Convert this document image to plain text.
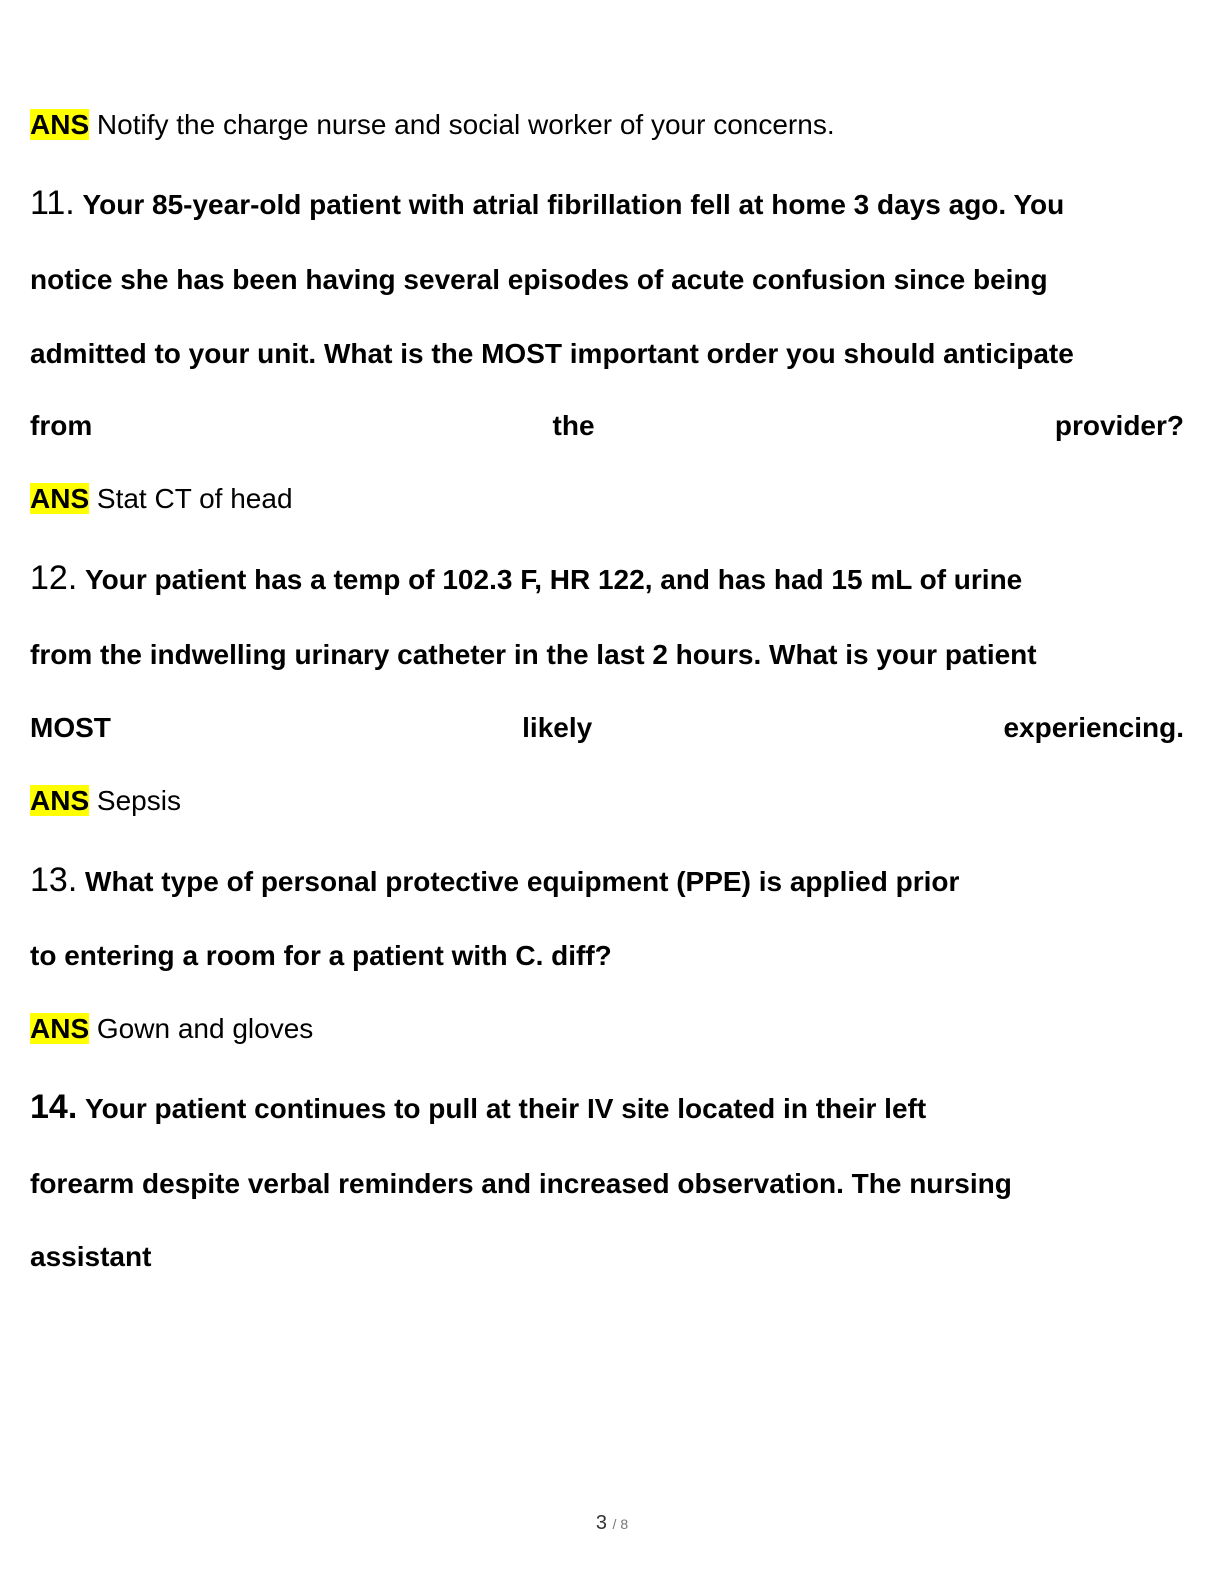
ANS Notify the charge nurse and social worker of your concerns.
11. Your 85-year-old patient with atrial fibrillation fell at home 3 days ago. You
notice she has been having several episodes of acute confusion since being
admitted to your unit. What is the MOST important order you should anticipate
from	the	provider?
ANS Stat CT of head
12. Your patient has a temp of 102.3 F, HR 122, and has had 15 mL of urine
from the indwelling urinary catheter in the last 2 hours. What is your patient
MOST	likely	experiencing.
ANS Sepsis
13. What type of personal protective equipment (PPE) is applied prior
to entering a room for a patient with C. diff?
ANS Gown and gloves
14. Your patient continues to pull at their IV site located in their left
forearm despite verbal reminders and increased observation. The nursing
assistant
3 / 8
